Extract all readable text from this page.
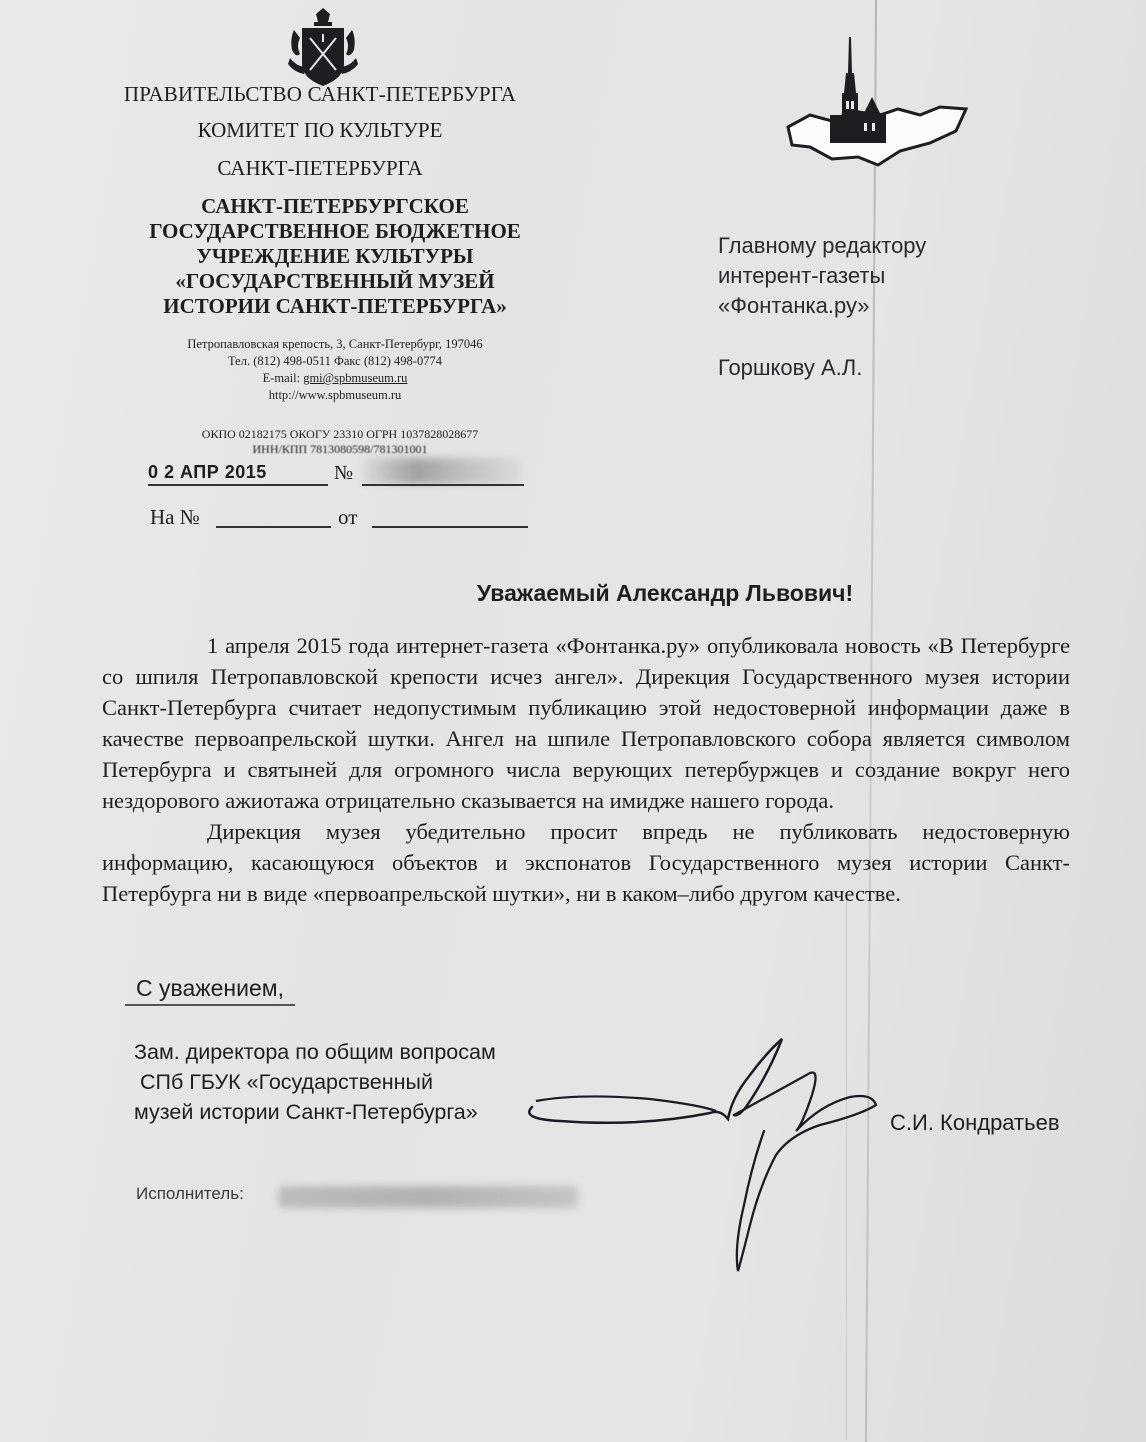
ПРАВИТЕЛЬСТВО САНКТ-ПЕТЕРБУРГА
КОМИТЕТ ПО КУЛЬТУРЕ
САНКТ-ПЕТЕРБУРГА
САНКТ-ПЕТЕРБУРГСКОЕ
ГОСУДАРСТВЕННОЕ БЮДЖЕТНОЕ
УЧРЕЖДЕНИЕ КУЛЬТУРЫ
«ГОСУДАРСТВЕННЫЙ МУЗЕЙ
ИСТОРИИ САНКТ-ПЕТЕРБУРГА»
Петропавловская крепость, 3, Санкт-Петербург, 197046
Тел. (812) 498-0511 Факс (812) 498-0774
E-mail: gmi@spbmuseum.ru
http://www.spbmuseum.ru
ОКПО 02182175 ОКОГУ 23310 ОГРН 1037828028677
ИНН/КПП 7813080598/781301001
0 2 АПР 2015	№
На №	от
Главному редактору
интерент-газеты
«Фонтанка.ру»
Горшкову А.Л.
Уважаемый Александр Львович!

1 апреля 2015 года интернет-газета «Фонтанка.ру» опубликовала новость «В Петербурге со шпиля Петропавловской крепости исчез ангел». Дирекция Государственного музея истории Санкт-Петербурга считает недопустимым публикацию этой недостоверной информации даже в качестве первоапрельской шутки. Ангел на шпиле Петропавловского собора является символом Петербурга и святыней для огромного числа верующих петербуржцев и создание вокруг него нездорового ажиотажа отрицательно сказывается на имидже нашего города.

Дирекция музея убедительно просит впредь не публиковать недостоверную информацию, касающуюся объектов и экспонатов Государственного музея истории Санкт-Петербурга ни в виде «первоапрельской шутки», ни в каком–либо другом качестве.

С уважением,
Зам. директора по общим вопросам
СПб ГБУК «Государственный
музей истории Санкт-Петербурга»	С.И. Кондратьев
Исполнитель:
